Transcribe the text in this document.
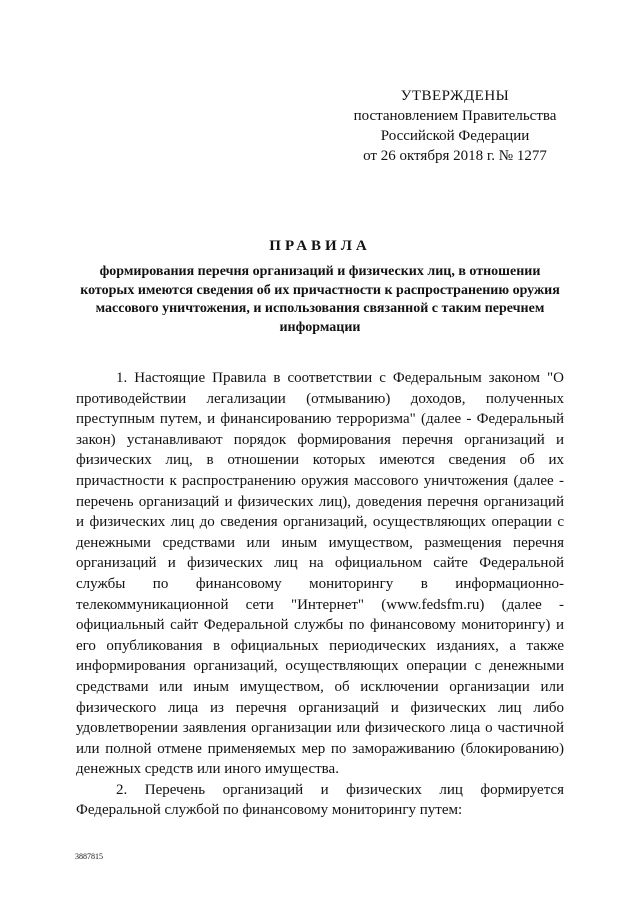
УТВЕРЖДЕНЫ
постановлением Правительства
Российской Федерации
от 26 октября 2018 г. № 1277
ПРАВИЛА
формирования перечня организаций и физических лиц, в отношении которых имеются сведения об их причастности к распространению оружия массового уничтожения, и использования связанной с таким перечнем информации

1. Настоящие Правила в соответствии с Федеральным законом "О противодействии легализации (отмыванию) доходов, полученных преступным путем, и финансированию терроризма" (далее - Федеральный закон) устанавливают порядок формирования перечня организаций и физических лиц, в отношении которых имеются сведения об их причастности к распространению оружия массового уничтожения (далее - перечень организаций и физических лиц), доведения перечня организаций и физических лиц до сведения организаций, осуществляющих операции с денежными средствами или иным имуществом, размещения перечня организаций и физических лиц на официальном сайте Федеральной службы по финансовому мониторингу в информационно-телекоммуникационной сети "Интернет" (www.fedsfm.ru) (далее - официальный сайт Федеральной службы по финансовому мониторингу) и его опубликования в официальных периодических изданиях, а также информирования организаций, осуществляющих операции с денежными средствами или иным имуществом, об исключении организации или физического лица из перечня организаций и физических лиц либо удовлетворении заявления организации или физического лица о частичной или полной отмене применяемых мер по замораживанию (блокированию) денежных средств или иного имущества.

2. Перечень организаций и физических лиц формируется Федеральной службой по финансовому мониторингу путем:

3887815
